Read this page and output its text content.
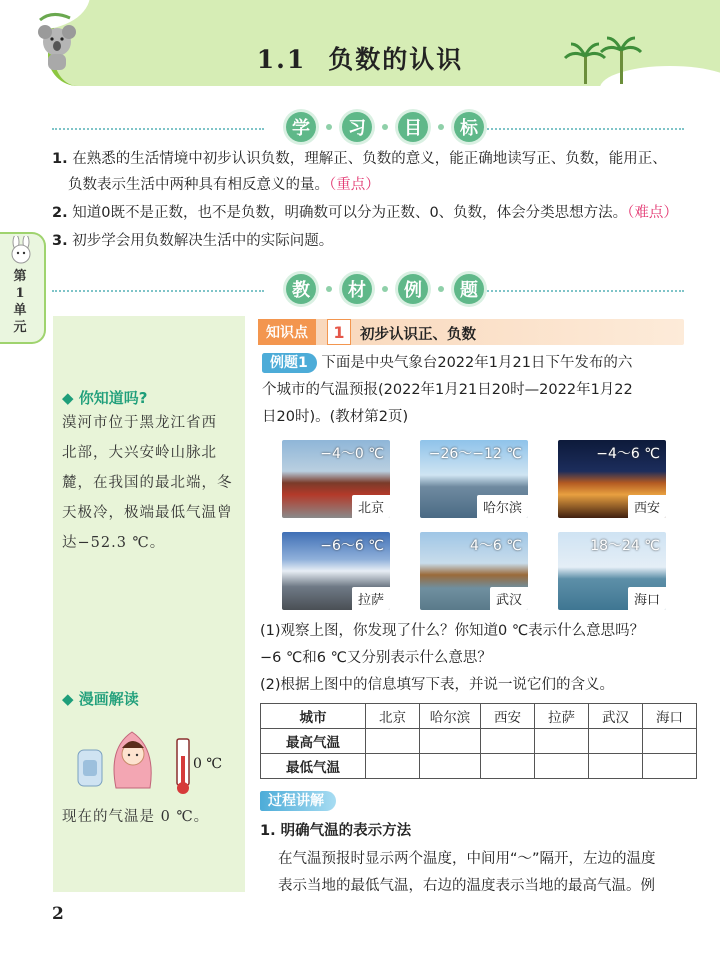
1.1 负数的认识
学	习	目	标
1. 在熟悉的生活情境中初步认识负数，理解正、负数的意义，能正确地读写正、负数，能用正、
负数表示生活中两种具有相反意义的量。（重点）
2. 知道0既不是正数，也不是负数，明确数可以分为正数、0、负数，体会分类思想方法。（难点）
3. 初步学会用负数解决生活中的实际问题。
第
1
单
元
教	材	例	题
◆ 你知道吗?
漠河市位于黑龙江省西
北部，大兴安岭山脉北
麓，在我国的最北端，冬
天极冷，极端最低气温曾
达−52.3 ℃。
◆ 漫画解读
0 ℃
现在的气温是 0 ℃。
知识点	1	初步认识正、负数
例题1 下面是中央气象台2022年1月21日下午发布的六
个城市的气温预报(2022年1月21日20时—2022年1月22
日20时)。(教材第2页)
−4～0 ℃
北京
−26～−12 ℃
哈尔滨
−4～6 ℃
西安
−6～6 ℃
拉萨
4～6 ℃
武汉
18～24 ℃
海口
(1)观察上图，你发现了什么？你知道0 ℃表示什么意思吗？
−6 ℃和6 ℃又分别表示什么意思？
(2)根据上图中的信息填写下表，并说一说它们的含义。
城市	北京	哈尔滨	西安	拉萨	武汉	海口
最高气温						
最低气温						
过程讲解
1. 明确气温的表示方法
在气温预报时显示两个温度，中间用“～”隔开，左边的温度
表示当地的最低气温，右边的温度表示当地的最高气温。例
2
